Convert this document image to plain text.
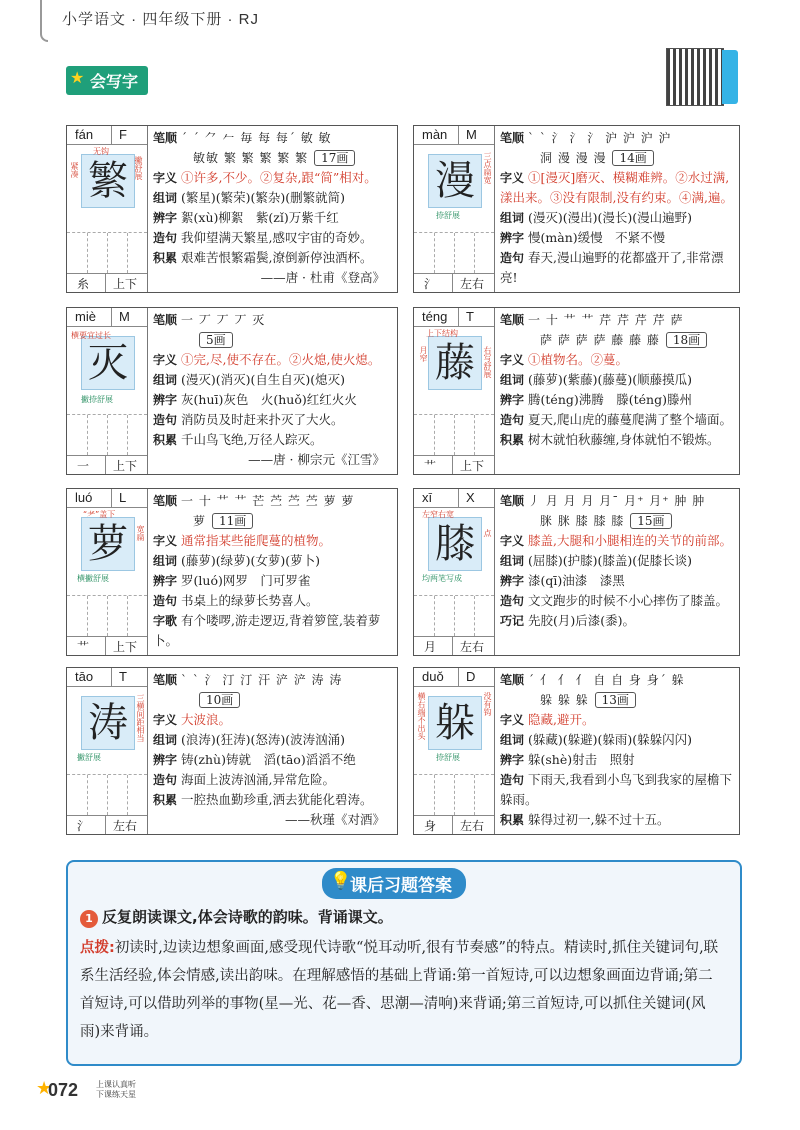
小学语文 · 四年级下册 · RJ
★ 会写字
fán F
繁
无钩
撇舒展
紧凑
糸 上下
笔顺 ˊ ˊ ⺈ 𠂉 毎 每 每ˊ 敏 敏
敏敏 繁 繁 繁 繁 繁 17画
字义 ①许多,不少。②复杂,跟“简”相对。
组词 (繁星)(繁荣)(繁杂)(删繁就简)
辨字 絮(xù)柳絮　紫(zǐ)万紫千红
造句 我仰望满天繁星,感叹宇宙的奇妙。
积累 艰难苦恨繁霜鬓,潦倒新停浊酒杯。
——唐 · 杜甫《登高》
màn M
漫	三点扁宽
捺舒展
氵 左右
笔顺 ˋ ˋ 氵 氵 氵 沪 沪 沪 沪
洞 漫 漫 漫 14画
字义 ①[漫灭]磨灭、模糊难辨。②水过满,漾出来。③没有限制,没有约束。④满,遍。
组词 (漫灭)(漫出)(漫长)(漫山遍野)
辨字 慢(màn)缓慢　不紧不慢
造句 春天,漫山遍野的花都盛开了,非常漂亮!
miè M
灭
横要宜过长
撇捺舒展
一 上下
笔顺 一 丆 丆 丆 灭
5画
字义 ①完,尽,使不存在。②火熄,使火熄。
组词 (漫灭)(消灭)(自生自灭)(熄灭)
辨字 灰(huī)灰色　火(huǒ)红红火火
造句 消防员及时赶来扑灭了大火。
积累 千山鸟飞绝,万径人踪灭。
——唐 · 柳宗元《江雪》
téng T
藤
上下结构
月窄	右写舒展
艹 上下
笔顺 一 十 艹 艹 芹 芹 芹 芹 萨
萨 萨 萨 萨 藤 藤 藤 18画
字义 ①植物名。②蔓。
组词 (藤萝)(紫藤)(藤蔓)(顺藤摸瓜)
辨字 腾(téng)沸腾　滕(téng)滕州
造句 夏天,爬山虎的藤蔓爬满了整个墙面。
积累 树木就怕秋藤缠,身体就怕不锻炼。
luó L
萝
“⺹”盖下
宽扁
横撇舒展
艹 上下
笔顺 一 十 艹 艹 芒 苎 苎 苎 萝 萝
萝 11画
字义 通常指某些能爬蔓的植物。
组词 (藤萝)(绿萝)(女萝)(萝卜)
辨字 罗(luó)网罗　门可罗雀
造句 书桌上的绿萝长势喜人。
字歌 有个喽啰,游走逻迈,背着箩筐,装着萝卜。
xī	X
膝
左窄右宽
点
均两笔写成
月 左右
笔顺 丿 月 月 月 月ˉ 月⁺ 月⁺ 肿 肿
脒 脒 膝 膝 膝 15画
字义 膝盖,大腿和小腿相连的关节的前部。
组词 (屈膝)(护膝)(膝盖)(促膝长谈)
辨字 漆(qī)油漆　漆黑
造句 文文跑步的时候不小心摔伤了膝盖。
巧记 先胶(月)后漆(黍)。
tāo T
涛	三横间距相当
撇舒展
氵 左右
笔顺 ˋ ˋ 氵 汀 汀 汗 浐 浐 涛 涛
10画
字义 大波浪。
组词 (浪涛)(狂涛)(怒涛)(波涛汹涌)
辨字 铸(zhù)铸就　滔(tāo)滔滔不绝
造句 海面上波涛汹涌,异常危险。
积累 一腔热血勤珍重,洒去犹能化碧涛。
——秋瑾《对酒》
duǒ D
躲
横右端不出头	没有钩
捺舒展
身 左右
笔顺 ˊ 亻 亻 亻 自 自 身 身ˊ 躲
躲 躲 躲 13画
字义 隐藏,避开。
组词 (躲藏)(躲避)(躲雨)(躲躲闪闪)
辨字 躲(shè)射击　照射
造句 下雨天,我看到小鸟飞到我家的屋檐下躲雨。
积累 躲得过初一,躲不过十五。
💡
课后习题答案
1 反复朗读课文,体会诗歌的韵味。背诵课文。
点拨:初读时,边读边想象画面,感受现代诗歌“悦耳动听,很有节奏感”的特点。精读时,抓住关键词句,联系生活经验,体会情感,读出韵味。在理解感悟的基础上背诵:第一首短诗,可以边想象画面边背诵;第二首短诗,可以借助列举的事物(星—光、花—香、思潮—清响)来背诵;第三首短诗,可以抓住关键词(风雨)来背诵。
★
072 上课认真听
下课练天星
